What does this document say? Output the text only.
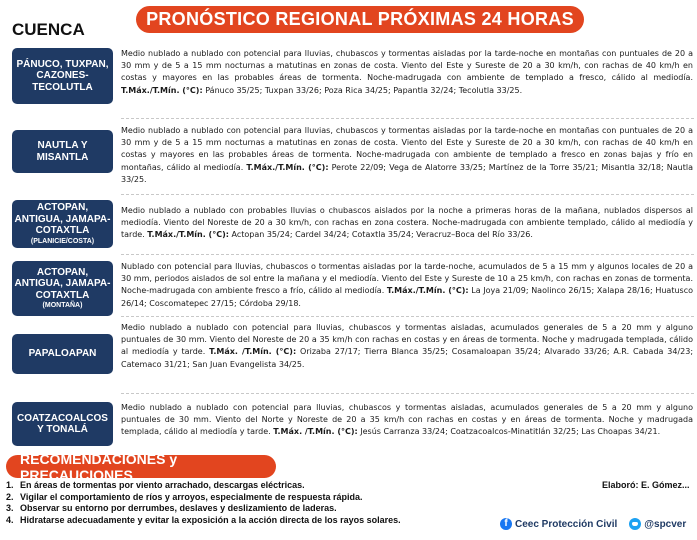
CUENCA
PRONÓSTICO REGIONAL PRÓXIMAS 24 HORAS
PÁNUCO, TUXPAN, CAZONES-TECOLUTLA
Medio nublado a nublado con potencial para lluvias, chubascos y tormentas aisladas por la tarde-noche en montañas con puntuales de 20 a 30 mm y de 5 a 15 mm nocturnas a matutinas en zonas de costa. Viento del Este y Sureste de 20 a 30 km/h, con rachas de 40 km/h en costas y mayores en las probables áreas de tormenta. Noche-madrugada con ambiente de templado a fresco, cálido al mediodía. T.Máx./T.Mín. (°C): Pánuco 35/25; Tuxpan 33/26; Poza Rica 34/25; Papantla 32/24; Tecolutla 33/25.
NAUTLA Y MISANTLA
Medio nublado a nublado con potencial para lluvias, chubascos y tormentas aisladas por la tarde-noche en montañas con puntuales de 20 a 30 mm y de 5 a 15 mm nocturnas a matutinas en zonas de costa. Viento del Este y Sureste de 20 a 30 km/h, con rachas de 40 km/h en costas y mayores en las probables áreas de tormenta. Noche-madrugada con ambiente de templado a fresco en zonas bajas y frío en montañas, cálido al mediodía. T.Máx./T.Mín. (°C): Perote 22/09; Vega de Alatorre 33/25; Martínez de la Torre 35/21; Misantla 32/18; Nautla 33/25.
ACTOPAN, ANTIGUA, JAMAPA-COTAXTLA
(PLANICIE/COSTA)
Medio nublado a nublado con probables lluvias o chubascos aislados por la noche a primeras horas de la mañana, nublados dispersos al mediodía. Viento del Noreste de 20 a 30 km/h, con rachas en zona costera. Noche-madrugada con ambiente templado, cálido al mediodía y tarde. T.Máx./T.Mín. (°C): Actopan 35/24; Cardel 34/24; Cotaxtla 35/24; Veracruz–Boca del Río 33/26.
ACTOPAN, ANTIGUA, JAMAPA-COTAXTLA
(MONTAÑA)
Nublado con potencial para lluvias, chubascos o tormentas aisladas por la tarde-noche, acumulados de 5 a 15 mm y algunos locales de 20 a 30 mm, periodos aislados de sol entre la mañana y el mediodía. Viento del Este y Sureste de 10 a 25 km/h, con rachas en zonas de tormenta. Noche-madrugada con ambiente fresco a frío, cálido al mediodía. T.Máx./T.Mín. (°C): La Joya 21/09; Naolinco 26/15; Xalapa 28/16; Huatusco 26/14; Coscomatepec 27/15; Córdoba 29/18.
PAPALOAPAN
Medio nublado a nublado con potencial para lluvias, chubascos y tormentas aisladas, acumulados generales de 5 a 20 mm y alguno puntuales de 30 mm. Viento del Noreste de 20 a 35 km/h con rachas en costas y en áreas de tormenta. Noche y madrugada templada, cálido al mediodía y tarde. T.Máx. /T.Mín. (°C): Orizaba 27/17; Tierra Blanca 35/25; Cosamaloapan 35/24; Alvarado 33/26; A.R. Cabada 34/23; Catemaco 31/21; San Juan Evangelista 34/25.
COATZACOALCOS Y TONALÁ
Medio nublado a nublado con potencial para lluvias, chubascos y tormentas aisladas, acumulados generales de 5 a 20 mm y alguno puntuales de 30 mm. Viento del Norte y Noreste de 20 a 35 km/h con rachas en costas y en áreas de tormenta. Noche y madrugada templada, cálido al mediodía y tarde. T.Máx. /T.Mín. (°C): Jesús Carranza 33/24; Coatzacoalcos-Minatitlán 32/25; Las Choapas 34/21.
RECOMENDACIONES y PRECAUCIONES
1. En áreas de tormentas por viento arrachado, descargas eléctricas.
2. Vigilar el comportamiento de ríos y arroyos, especialmente de respuesta rápida.
3. Observar su entorno por derrumbes, deslaves y deslizamiento de laderas.
4. Hidratarse adecuadamente y evitar la exposición a la acción directa de los rayos solares.
Elaboró: E. Gómez...
f Ceec Protección Civil	@spcver
